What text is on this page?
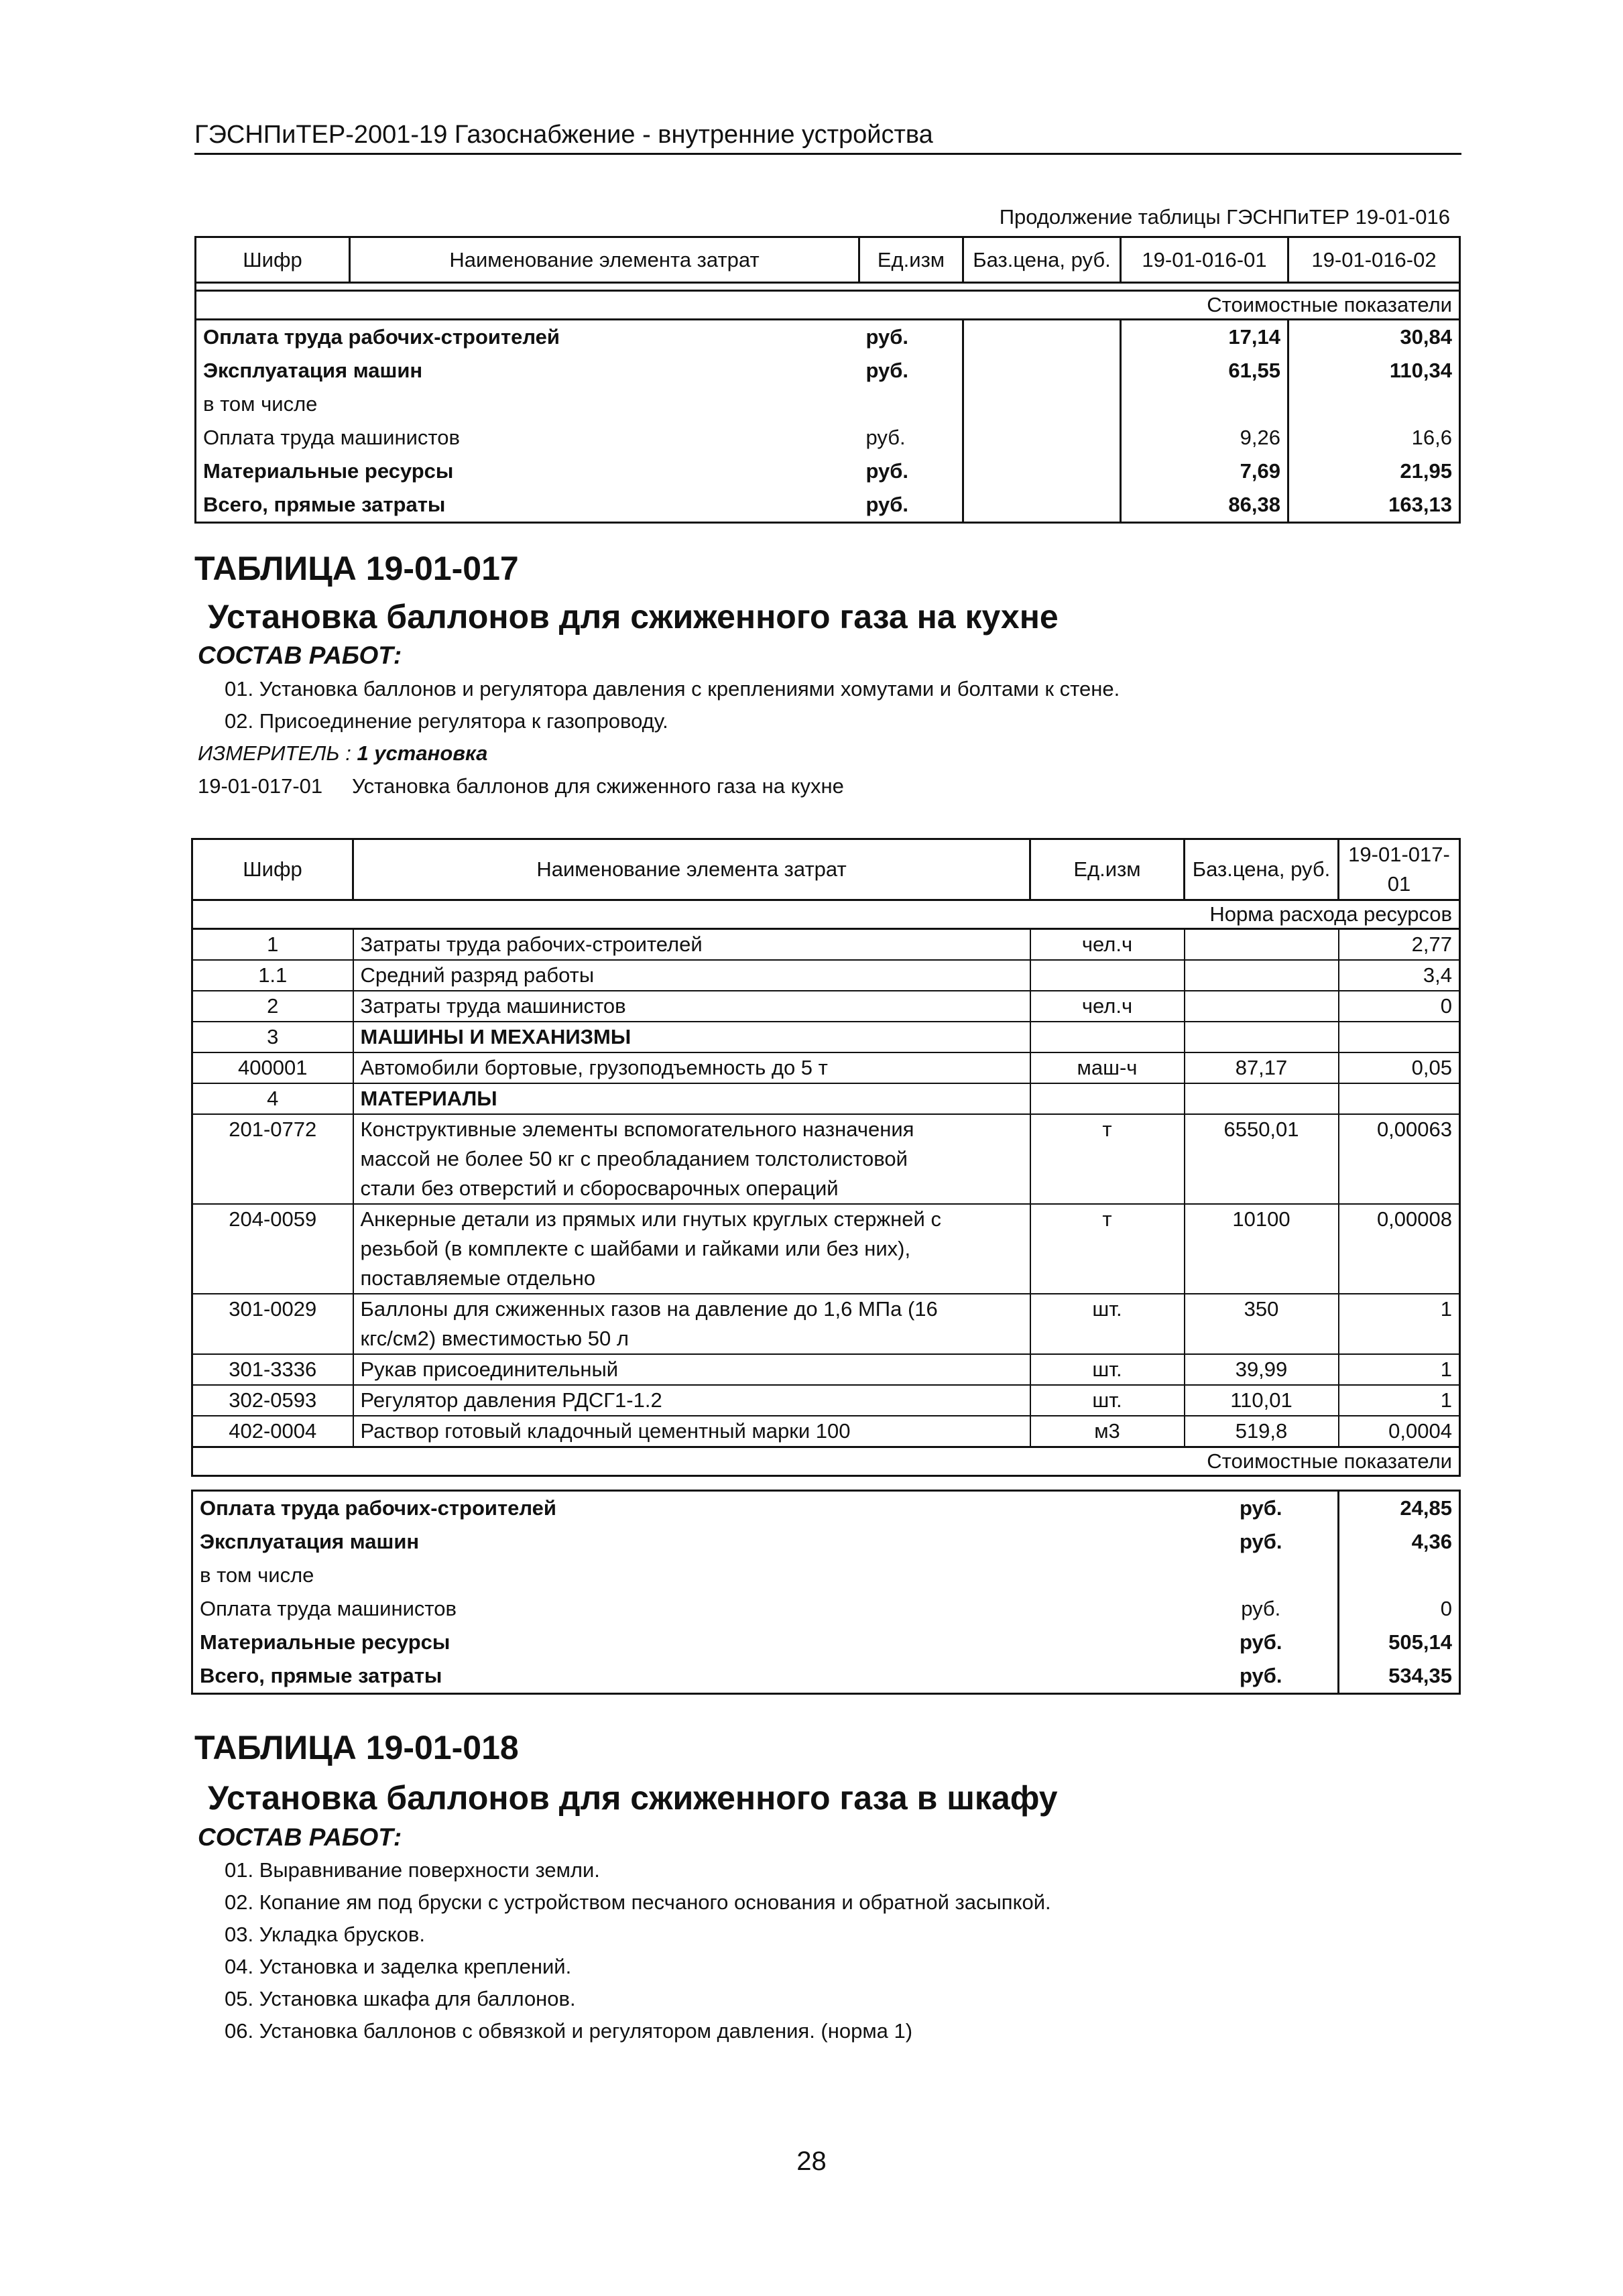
ГЭСНПиТЕР-2001-19 Газоснабжение - внутренние устройства
Продолжение таблицы ГЭСНПиТЕР 19-01-016
Шифр	Наименование элемента затрат	Ед.изм	Баз.цена, руб.	19-01-016-01	19-01-016-02

Стоимостные показатели					
Оплата труда рабочих-строителей		руб.		17,14	30,84
Эксплуатация машин		руб.		61,55	110,34
в том числе					
Оплата труда машинистов		руб.		9,26	16,6
Материальные ресурсы		руб.		7,69	21,95
Всего, прямые затраты		руб.		86,38	163,13
ТАБЛИЦА 19-01-017
Установка баллонов для сжиженного газа на кухне
СОСТАВ РАБОТ:
01. Установка баллонов и регулятора давления с креплениями хомутами и болтами к стене.
02. Присоединение регулятора к газопроводу.
ИЗМЕРИТЕЛЬ : 1 установка
19-01-017-01 Установка баллонов для сжиженного газа на кухне
Шифр	Наименование элемента затрат	Ед.изм	Баз.цена, руб.	19-01-017-01
Норма расхода ресурсов				
1	Затраты труда рабочих-строителей	чел.ч		2,77
1.1	Средний разряд работы			3,4
2	Затраты труда машинистов	чел.ч		0
3	МАШИНЫ И МЕХАНИЗМЫ			
400001	Автомобили бортовые, грузоподъемность до 5 т	маш-ч	87,17	0,05
4	МАТЕРИАЛЫ			
201-0772	Конструктивные элементы вспомогательного назначения
массой не более 50 кг с преобладанием толстолистовой
стали без отверстий и сборосварочных операций	т	6550,01	0,00063
204-0059	Анкерные детали из прямых или гнутых круглых стержней с
резьбой (в комплекте с шайбами и гайками или без них),
поставляемые отдельно	т	10100	0,00008
301-0029	Баллоны для сжиженных газов на давление до 1,6 МПа (16
кгс/см2) вместимостью 50 л	шт.	350	1
301-3336	Рукав присоединительный	шт.	39,99	1
302-0593	Регулятор давления РДСГ1-1.2	шт.	110,01	1
402-0004	Раствор готовый кладочный цементный марки 100	м3	519,8	0,0004
Стоимостные показатели				
Оплата труда рабочих-строителей	руб.	24,85
Эксплуатация машин	руб.	4,36
в том числе		
Оплата труда машинистов	руб.	0
Материальные ресурсы	руб.	505,14
Всего, прямые затраты	руб.	534,35
ТАБЛИЦА 19-01-018
Установка баллонов для сжиженного газа в шкафу
СОСТАВ РАБОТ:
01. Выравнивание поверхности земли.
02. Копание ям под бруски с устройством песчаного основания и обратной засыпкой.
03. Укладка брусков.
04. Установка и заделка креплений.
05. Установка шкафа для баллонов.
06. Установка баллонов с обвязкой и регулятором давления. (норма 1)
28
